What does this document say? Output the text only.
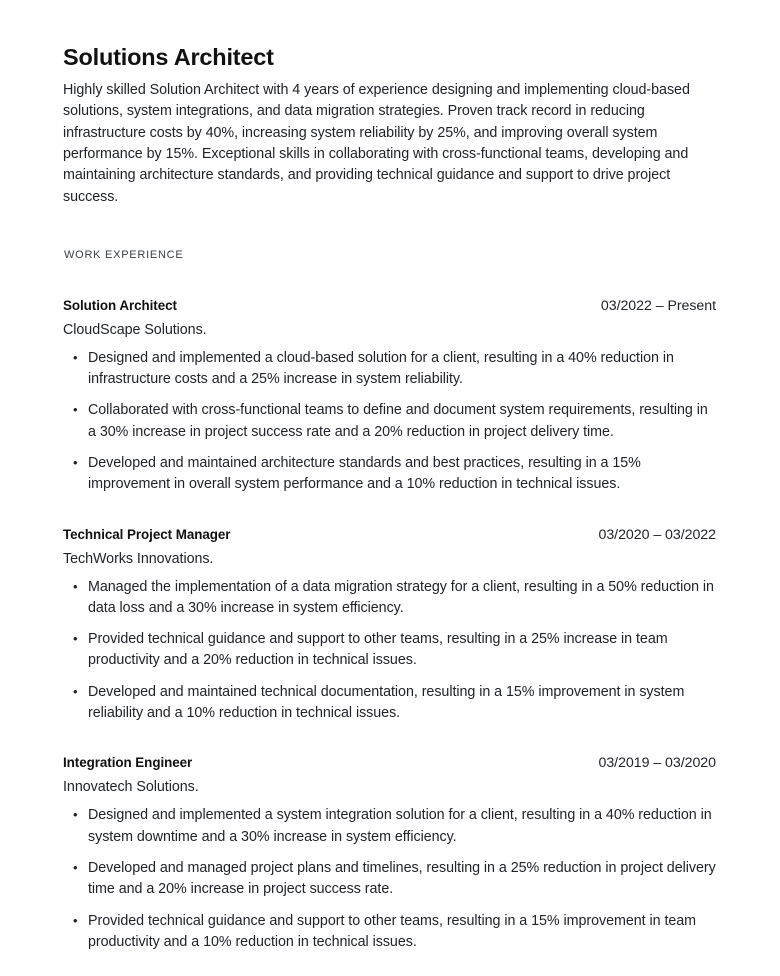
Solutions Architect

Highly skilled Solution Architect with 4 years of experience designing and implementing cloud-based solutions, system integrations, and data migration strategies. Proven track record in reducing infrastructure costs by 40%, increasing system reliability by 25%, and improving overall system performance by 15%. Exceptional skills in collaborating with cross-functional teams, developing and maintaining architecture standards, and providing technical guidance and support to drive project success.

WORK EXPERIENCE
Solution Architect	03/2022 – Present
CloudScape Solutions.
• Designed and implemented a cloud-based solution for a client, resulting in a 40% reduction in infrastructure costs and a 25% increase in system reliability.
• Collaborated with cross-functional teams to define and document system requirements, resulting in a 30% increase in project success rate and a 20% reduction in project delivery time.
• Developed and maintained architecture standards and best practices, resulting in a 15% improvement in overall system performance and a 10% reduction in technical issues.
Technical Project Manager	03/2020 – 03/2022
TechWorks Innovations.
• Managed the implementation of a data migration strategy for a client, resulting in a 50% reduction in data loss and a 30% increase in system efficiency.
• Provided technical guidance and support to other teams, resulting in a 25% increase in team productivity and a 20% reduction in technical issues.
• Developed and maintained technical documentation, resulting in a 15% improvement in system reliability and a 10% reduction in technical issues.
Integration Engineer	03/2019 – 03/2020
Innovatech Solutions.
• Designed and implemented a system integration solution for a client, resulting in a 40% reduction in system downtime and a 30% increase in system efficiency.
• Developed and managed project plans and timelines, resulting in a 25% reduction in project delivery time and a 20% increase in project success rate.
• Provided technical guidance and support to other teams, resulting in a 15% improvement in team productivity and a 10% reduction in technical issues.
